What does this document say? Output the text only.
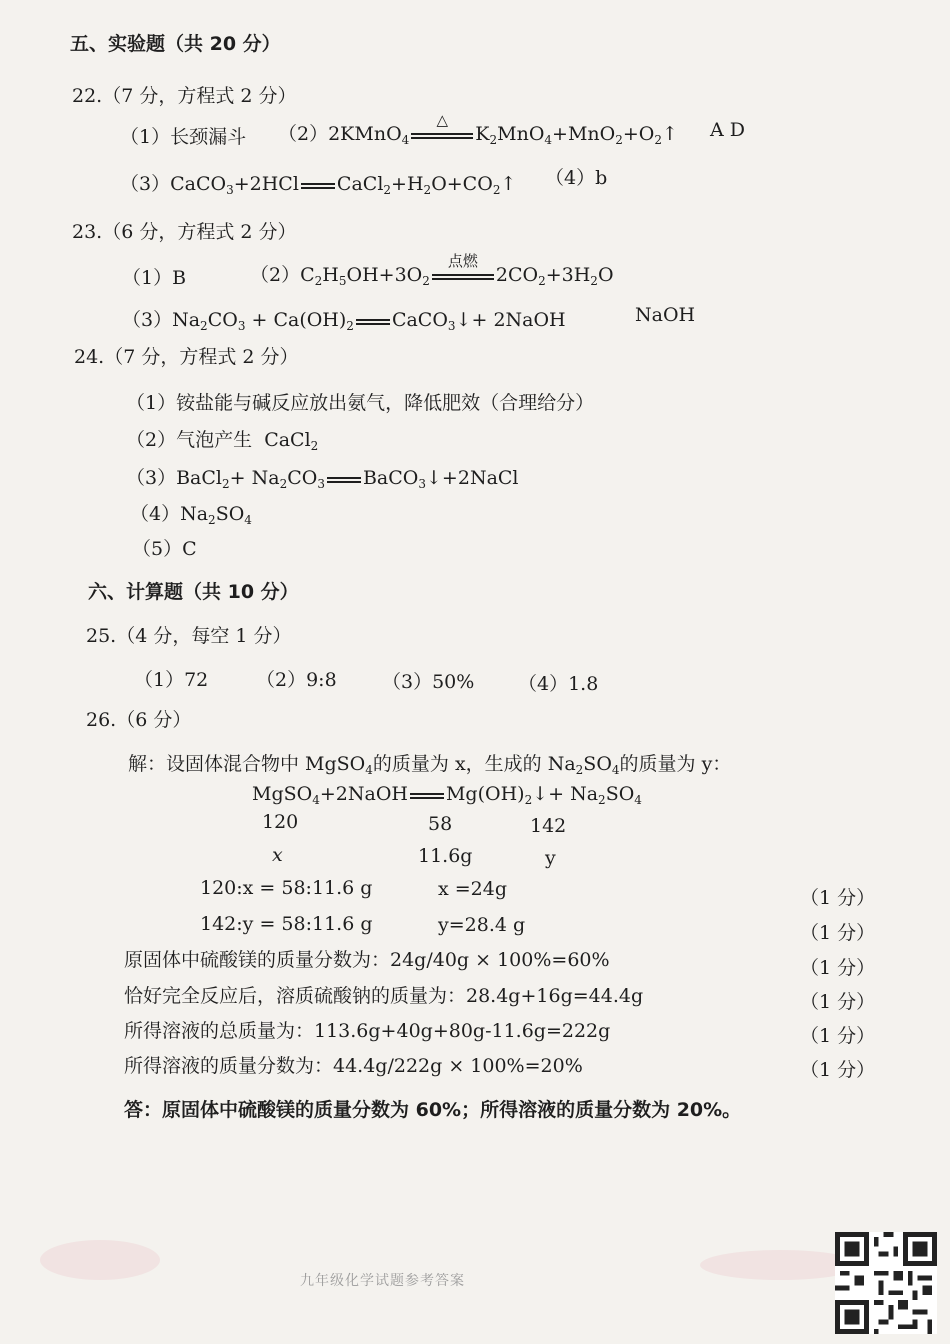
五、实验题（共 20 分）
22.（7 分，方程式 2 分）
（1）长颈漏斗 （2）2KMnO$_4$
△
$K_2MnO_4+MnO_2+O_2↑$ A D
（3）CaCO$_3$+2HCl $CaCl_2+H_2O+CO_2↑$ （4）b
23.（6 分，方程式 2 分）
（1）B	$(2)C_2H_5OH+3O_2$
点燃
$2CO_2+3H_2O$
$(3)Na_2CO_3 + Ca(OH)_2$ CaCO$_3$↓+ 2NaOH	NaOH
24.（7 分，方程式 2 分）
（1）铵盐能与碱反应放出氨气，降低肥效（合理给分）
（2）气泡产生 CaCl$_2$
（3）BaCl$_2$+ $Na_2CO_3$ BaCO$_3$↓+2NaCl
$(4)Na_2SO_4$
（5）C
六、计算题（共 10 分）
25.（4 分，每空 1 分）
（1）72	（2）9:8 （3）50% （4）1.8
26.（6 分）
解：设固体混合物中 MgSO$_4$的质量为 x，生成的 $Na_2SO_4$的质量为 y：
MgSO$_4$+2NaOH $Mg(OH)_2↓+ Na_2SO_4$
120	58	142
x	11.6g	y
120:x = 58:11.6 g	x =24g	（1 分）
142:y = 58:11.6 g	y=28.4 g	（1 分）
原固体中硫酸镁的质量分数为：24g/40g × 100%=60%	（1 分）
恰好完全反应后，溶质硫酸钠的质量为：28.4g+16g=44.4g	（1 分）
所得溶液的总质量为：113.6g+40g+80g-11.6g=222g	（1 分）
所得溶液的质量分数为：44.4g/222g × 100%=20%	（1 分）
答：原固体中硫酸镁的质量分数为 60%；所得溶液的质量分数为 20%。
九年级化学试题参考答案
